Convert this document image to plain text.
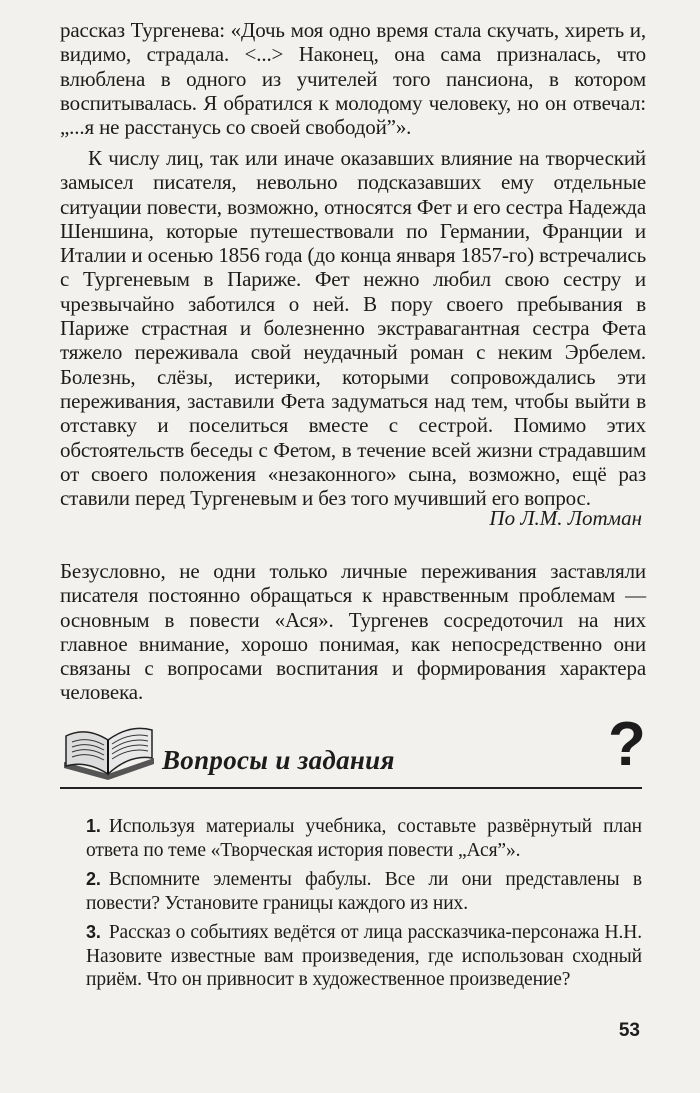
рассказ Тургенева: «Дочь моя одно время стала скучать, хиреть и, видимо, страдала. <...> Наконец, она сама призналась, что влюблена в одного из учителей того пансиона, в котором воспитывалась. Я обратился к молодому человеку, но он отвечал: „...я не расстанусь со своей свободой”».

К числу лиц, так или иначе оказавших влияние на творческий замысел писателя, невольно подсказавших ему отдельные ситуации повести, возможно, относятся Фет и его сестра Надежда Шеншина, которые путешествовали по Германии, Франции и Италии и осенью 1856 года (до конца января 1857-го) встречались с Тургеневым в Париже. Фет нежно любил свою сестру и чрезвычайно заботился о ней. В пору своего пребывания в Париже страстная и болезненно экстравагантная сестра Фета тяжело переживала свой неудачный роман с неким Эрбелем. Болезнь, слёзы, истерики, которыми сопровождались эти переживания, заставили Фета задуматься над тем, чтобы выйти в отставку и поселиться вместе с сестрой. Помимо этих обстоятельств беседы с Фетом, в течение всей жизни страдавшим от своего положения «незаконного» сына, возможно, ещё раз ставили перед Тургеневым и без того мучивший его вопрос.

По Л.М. Лотман

Безусловно, не одни только личные переживания заставляли писателя постоянно обращаться к нравственным проблемам — основным в повести «Ася». Тургенев сосредоточил на них главное внимание, хорошо понимая, как непосредственно они связаны с вопросами воспитания и формирования характера человека.

Вопросы и задания	?

1. Используя материалы учебника, составьте развёрнутый план ответа по теме «Творческая история повести „Ася”».

2. Вспомните элементы фабулы. Все ли они представлены в повести? Установите границы каждого из них.

3. Рассказ о событиях ведётся от лица рассказчика-персонажа Н.Н. Назовите известные вам произведения, где использован сходный приём. Что он привносит в художественное произведение?

53
